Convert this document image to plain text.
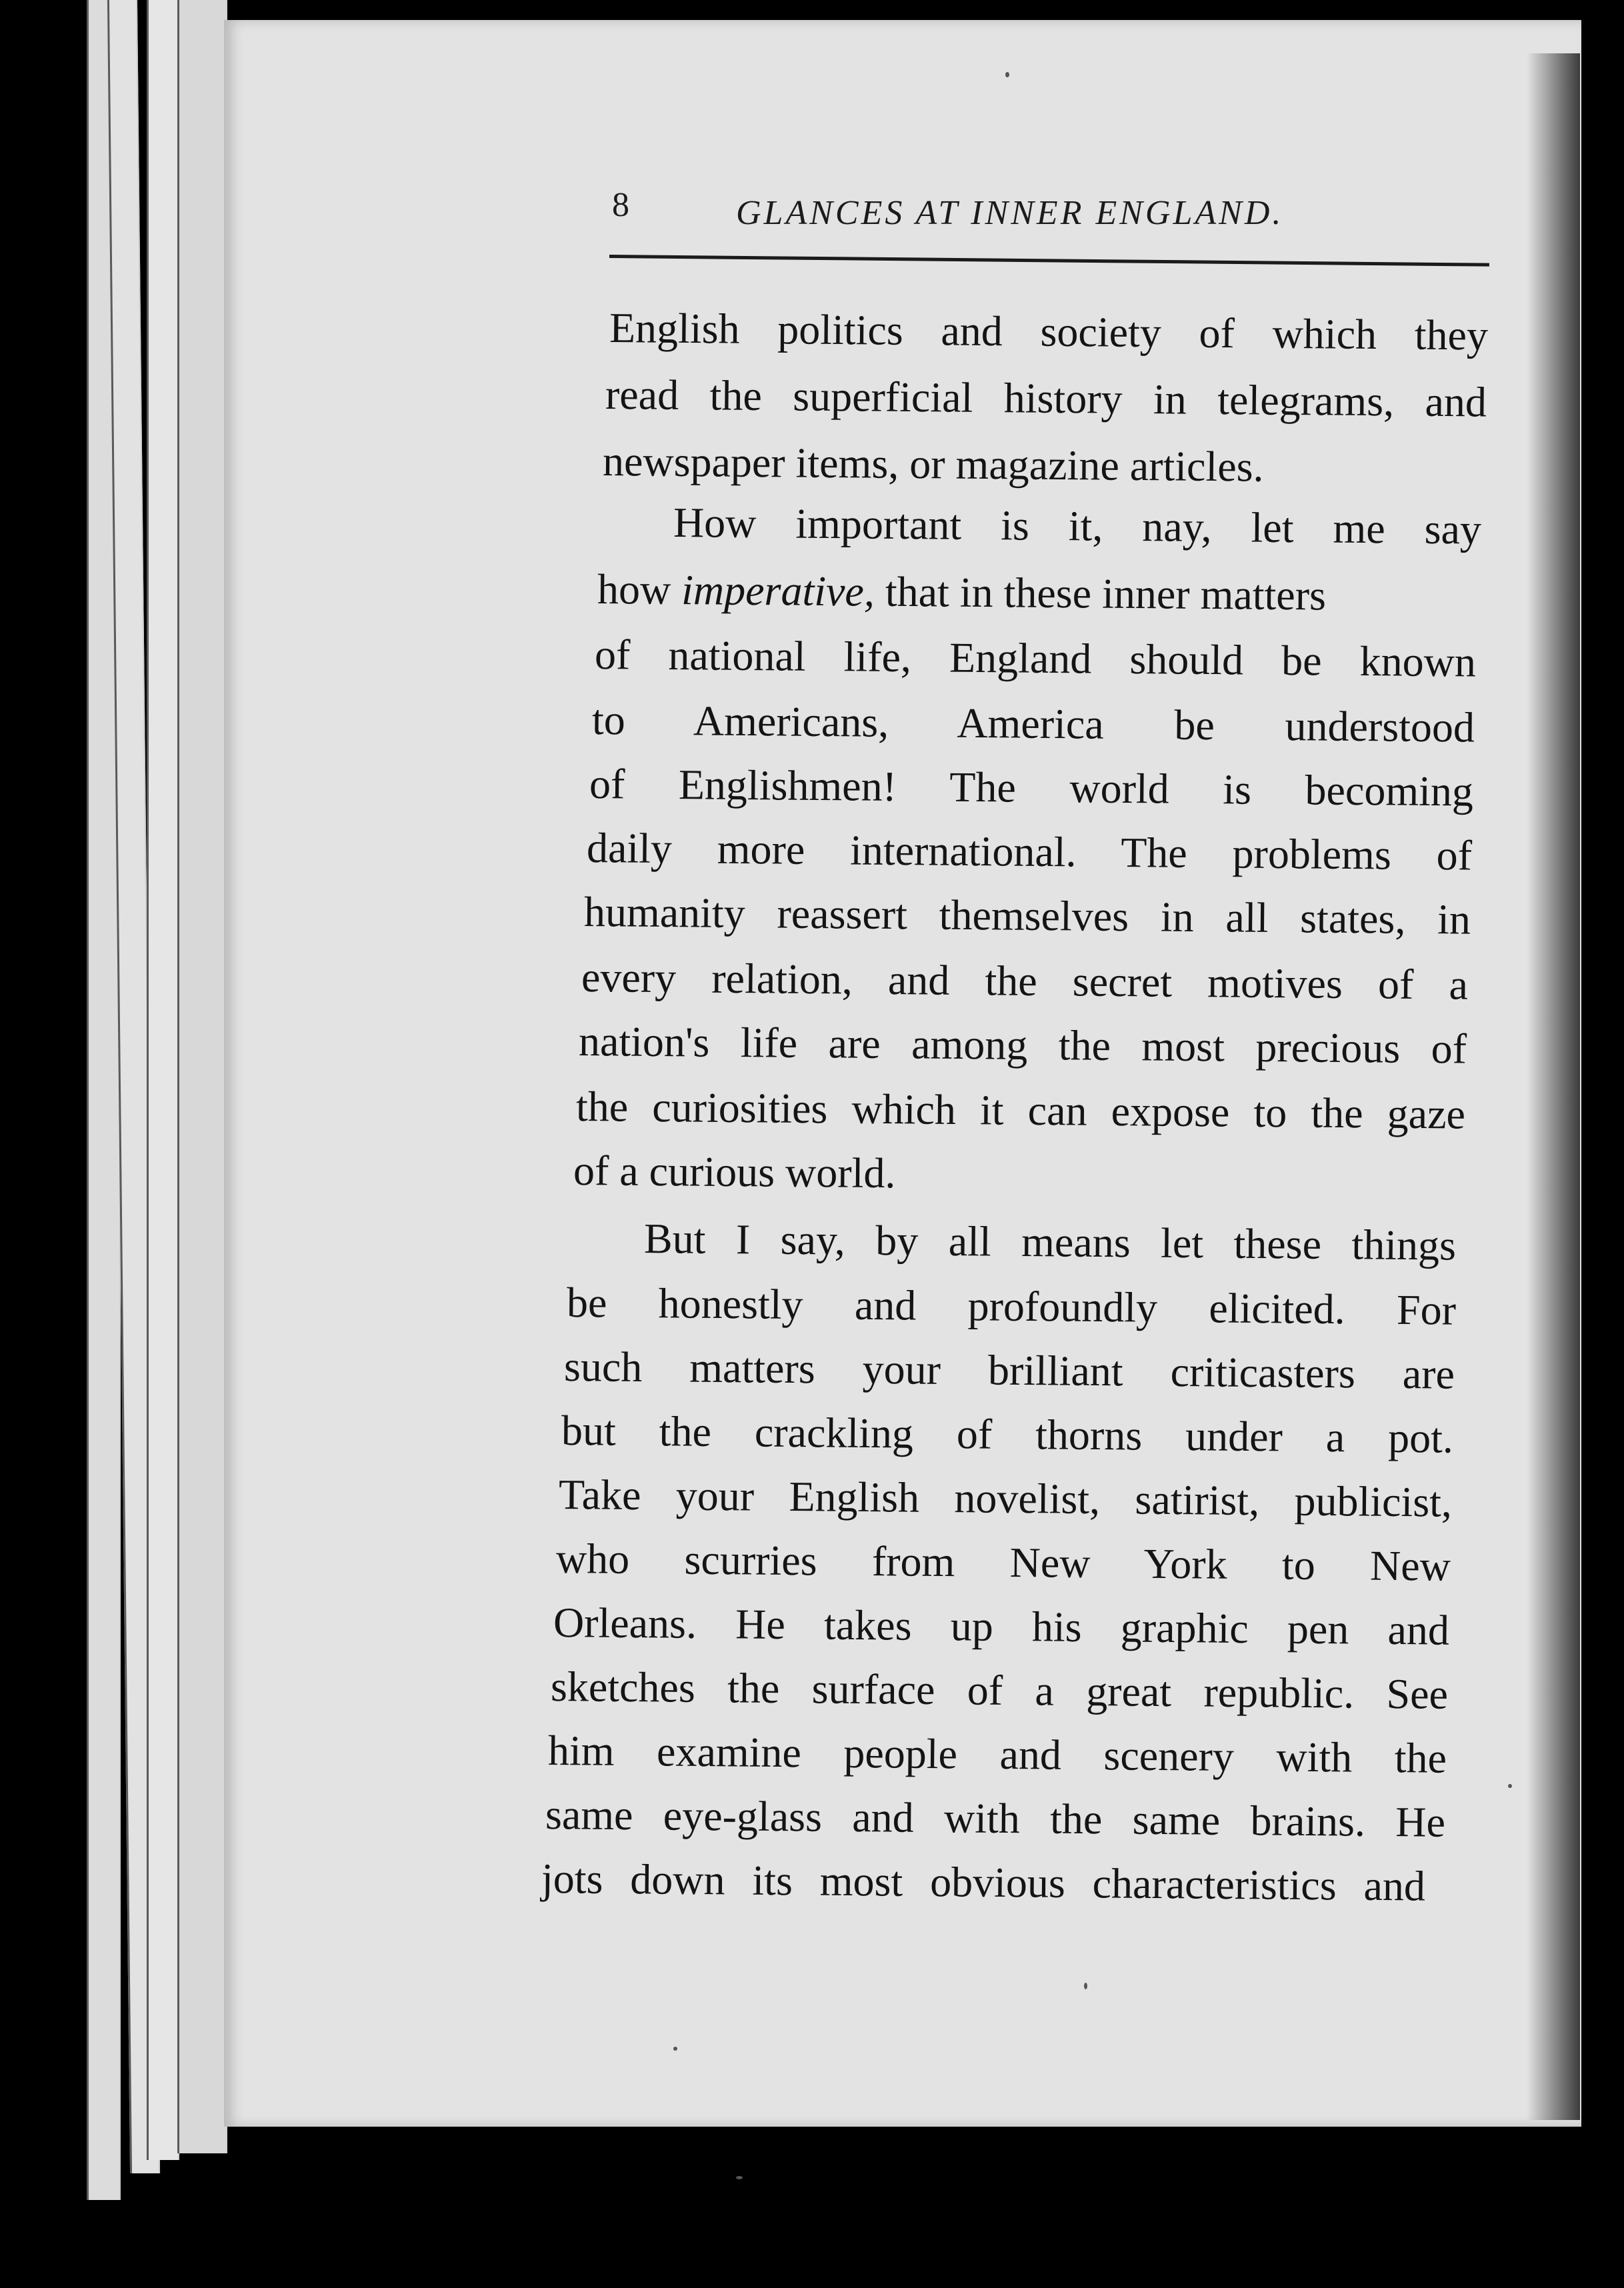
8	GLANCES AT INNER ENGLAND.
English politics and society of which they
read the superficial history in telegrams, and
newspaper items, or magazine articles.
How important is it, nay, let me say
how imperative, that in these inner matters
of national life, England should be known
to Americans, America be understood
of Englishmen! The world is becoming
daily more international. The problems of
humanity reassert themselves in all states, in
every relation, and the secret motives of a
nation's life are among the most precious of
the curiosities which it can expose to the gaze
of a curious world.
But I say, by all means let these things
be honestly and profoundly elicited. For
such matters your brilliant criticasters are
but the crackling of thorns under a pot.
Take your English novelist, satirist, publicist,
who scurries from New York to New
Orleans. He takes up his graphic pen and
sketches the surface of a great republic. See
him examine people and scenery with the
same eye-glass and with the same brains. He
jots down its most obvious characteristics and
